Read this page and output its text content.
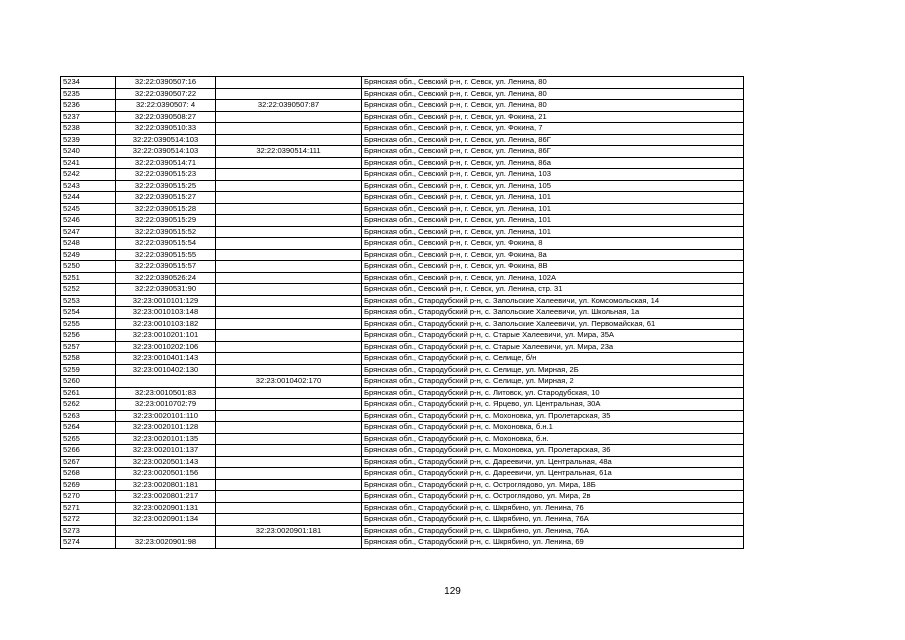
5234	32:22:0390507:16		Брянская обл., Севский р-н, г. Севск, ул. Ленина, 80
5235	32:22:0390507:22		Брянская обл., Севский р-н, г. Севск, ул. Ленина, 80
5236	32:22:0390507: 4	32:22:0390507:87	Брянская обл., Севский р-н, г. Севск, ул. Ленина, 80
5237	32:22:0390508:27		Брянская обл., Севский р-н, г. Севск, ул. Фокина, 21
5238	32:22:0390510:33		Брянская обл., Севский р-н, г. Севск, ул. Фокина, 7
5239	32:22:0390514:103		Брянская обл., Севский р-н, г. Севск, ул. Ленина, 86Г
5240	32:22:0390514:103	32:22:0390514:111	Брянская обл., Севский р-н, г. Севск, ул. Ленина, 86Г
5241	32:22:0390514:71		Брянская обл., Севский р-н, г. Севск, ул. Ленина, 86а
5242	32:22:0390515:23		Брянская обл., Севский р-н, г. Севск, ул. Ленина, 103
5243	32:22:0390515:25		Брянская обл., Севский р-н, г. Севск, ул. Ленина, 105
5244	32:22:0390515:27		Брянская обл., Севский р-н, г. Севск, ул. Ленина, 101
5245	32:22:0390515:28		Брянская обл., Севский р-н, г. Севск, ул. Ленина, 101
5246	32:22:0390515:29		Брянская обл., Севский р-н, г. Севск, ул. Ленина, 101
5247	32:22:0390515:52		Брянская обл., Севский р-н, г. Севск, ул. Ленина, 101
5248	32:22:0390515:54		Брянская обл., Севский р-н, г. Севск, ул. Фокина, 8
5249	32:22:0390515:55		Брянская обл., Севский р-н, г. Севск, ул. Фокина, 8а
5250	32:22:0390515:57		Брянская обл., Севский р-н, г. Севск, ул. Фокина, 8В
5251	32:22:0390526:24		Брянская обл., Севский р-н, г. Севск, ул. Ленина, 102А
5252	32:22:0390531:90		Брянская обл., Севский р-н, г. Севск, ул. Ленина, стр. 31
5253	32:23:0010101:129		Брянская обл., Стародубский р-н, с. Запольские Халеевичи, ул. Комсомольская, 14
5254	32:23:0010103:148		Брянская обл., Стародубский р-н, с. Запольские Халеевичи, ул. Школьная, 1а
5255	32:23:0010103:182		Брянская обл., Стародубский р-н, с. Запольские Халеевичи, ул. Первомайская, 61
5256	32:23:0010201:101		Брянская обл., Стародубский р-н, с. Старые Халеевичи, ул. Мира, 35А
5257	32:23:0010202:106		Брянская обл., Стародубский р-н, с. Старые Халеевичи, ул. Мира, 23а
5258	32:23:0010401:143		Брянская обл., Стародубский р-н, с. Селище, б/н
5259	32:23:0010402:130		Брянская обл., Стародубский р-н, с. Селище, ул. Мирная, 2Б
5260		32:23:0010402:170	Брянская обл., Стародубский р-н, с. Селище, ул. Мирная, 2
5261	32:23:0010501:83		Брянская обл., Стародубский р-н, с. Литовск, ул. Стародубская, 10
5262	32:23:0010702:79		Брянская обл., Стародубский р-н, с. Ярцево, ул. Центральная, 30А
5263	32:23:0020101:110		Брянская обл., Стародубский р-н, с. Мохоновка, ул. Пролетарская, 35
5264	32:23:0020101:128		Брянская обл., Стародубский р-н, с. Мохоновка, б.н.1
5265	32:23:0020101:135		Брянская обл., Стародубский р-н, с. Мохоновка, б.н.
5266	32:23:0020101:137		Брянская обл., Стародубский р-н, с. Мохоновка, ул. Пролетарская, 36
5267	32:23:0020501:143		Брянская обл., Стародубский р-н, с. Дареевичи, ул. Центральная, 48а
5268	32:23:0020501:156		Брянская обл., Стародубский р-н, с. Дареевичи, ул. Центральная, 61а
5269	32:23:0020801:181		Брянская обл., Стародубский р-н, с. Остроглядово, ул. Мира, 18Б
5270	32:23:0020801:217		Брянская обл., Стародубский р-н, с. Остроглядово, ул. Мира, 2в
5271	32:23:0020901:131		Брянская обл., Стародубский р-н, с. Шкрябино, ул. Ленина, 76
5272	32:23:0020901:134		Брянская обл., Стародубский р-н, с. Шкрябино, ул. Ленина, 76А
5273		32:23:0020901:181	Брянская обл., Стародубский р-н, с. Шкрябино, ул. Ленина, 76А
5274	32:23:0020901:98		Брянская обл., Стародубский р-н, с. Шкрябино, ул. Ленина, 69
129
